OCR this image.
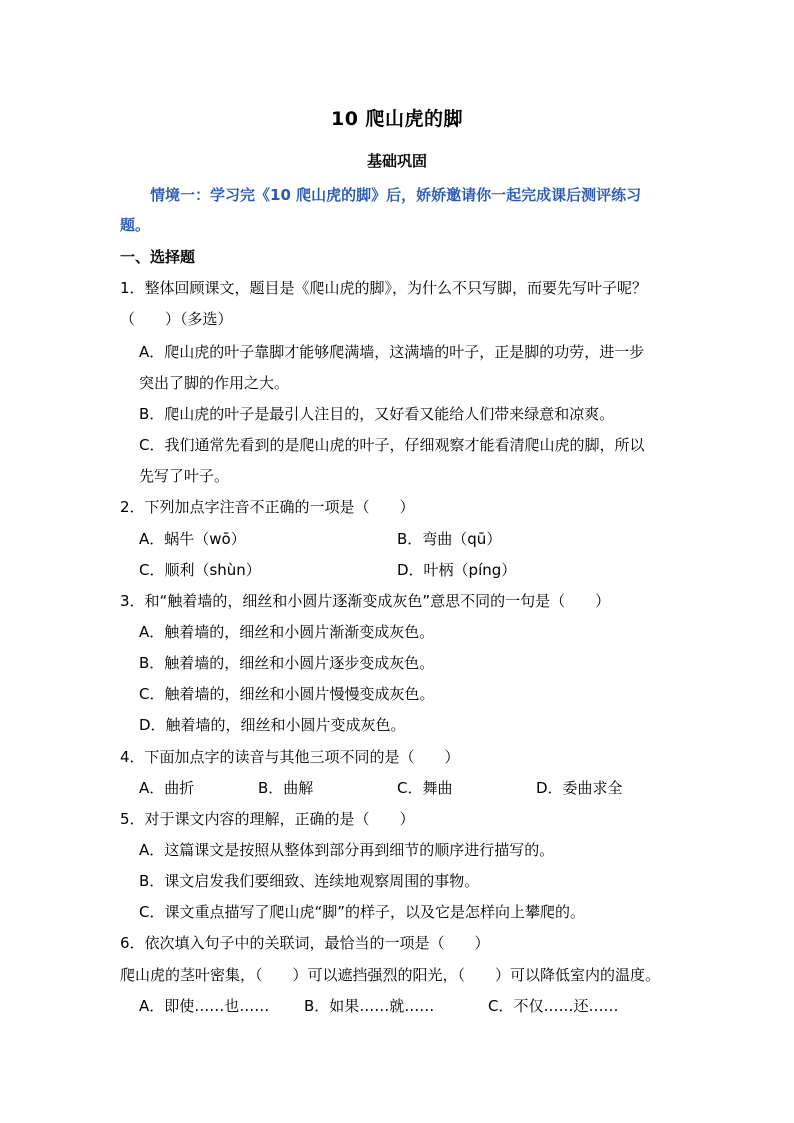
10 爬山虎的脚
基础巩固
情境一：学习完《10 爬山虎的脚》后，娇娇邀请你一起完成课后测评练习
题。
一、选择题
1．整体回顾课文，题目是《爬山虎的脚》，为什么不只写脚，而要先写叶子呢？
（　　）（多选）
A．爬山虎的叶子靠脚才能够爬满墙，这满墙的叶子，正是脚的功劳，进一步
突出了脚的作用之大。
B．爬山虎的叶子是最引人注目的，又好看又能给人们带来绿意和凉爽。
C．我们通常先看到的是爬山虎的叶子，仔细观察才能看清爬山虎的脚，所以
先写了叶子。
2．下列加点字注音不正确的一项是（　　）
A．蜗牛（wō）	B．弯曲（qū）
C．顺利（shùn）	D．叶柄（píng）
3．和“触着墙的，细丝和小圆片逐渐变成灰色”意思不同的一句是（　　）
A．触着墙的，细丝和小圆片渐渐变成灰色。
B．触着墙的，细丝和小圆片逐步变成灰色。
C．触着墙的，细丝和小圆片慢慢变成灰色。
D．触着墙的，细丝和小圆片变成灰色。
4．下面加点字的读音与其他三项不同的是（　　）
A．曲折	B．曲解	C．舞曲	D．委曲求全
5．对于课文内容的理解，正确的是（　　）
A．这篇课文是按照从整体到部分再到细节的顺序进行描写的。
B．课文启发我们要细致、连续地观察周围的事物。
C．课文重点描写了爬山虎“脚”的样子，以及它是怎样向上攀爬的。
6．依次填入句子中的关联词，最恰当的一项是（　　）
爬山虎的茎叶密集，（　　）可以遮挡强烈的阳光，（　　）可以降低室内的温度。
A．即使……也…… B．如果……就……	C．不仅……还……
